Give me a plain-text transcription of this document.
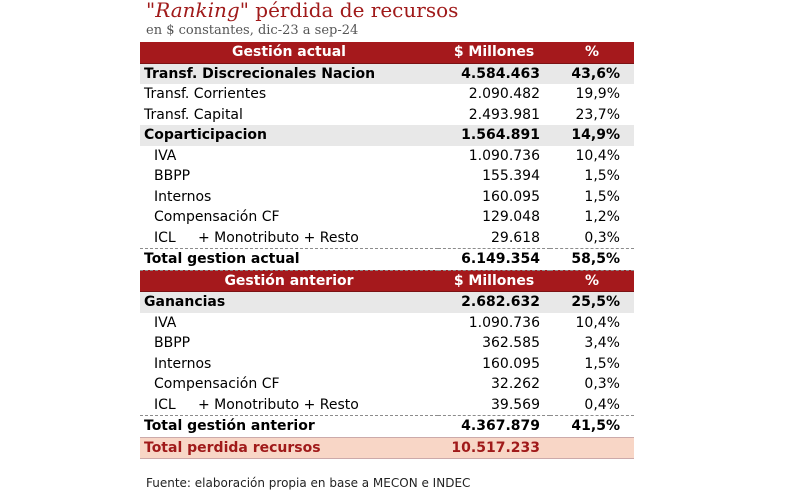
"Ranking" pérdida de recursos
en $ constantes, dic-23 a sep-24
Gestión actual	$ Millones	%
Transf. Discrecionales Nacion	4.584.463	43,6%
Transf. Corrientes	2.090.482	19,9%
Transf. Capital	2.493.981	23,7%
Coparticipacion	1.564.891	14,9%
IVA	1.090.736	10,4%
BBPP	155.394	1,5%
Internos	160.095	1,5%
Compensación CF	129.048	1,2%
ICL     + Monotributo + Resto	29.618	0,3%
Total gestion actual	6.149.354	58,5%
Gestión anterior	$ Millones	%
Ganancias	2.682.632	25,5%
IVA	1.090.736	10,4%
BBPP	362.585	3,4%
Internos	160.095	1,5%
Compensación CF	32.262	0,3%
ICL     + Monotributo + Resto	39.569	0,4%
Total gestión anterior	4.367.879	41,5%
Total perdida recursos	10.517.233	
Fuente: elaboración propia en base a MECON e INDEC
